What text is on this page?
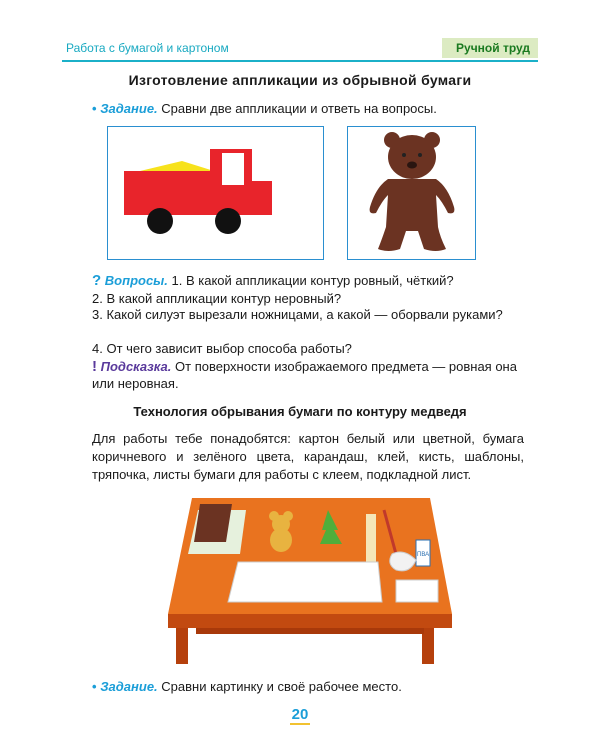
Работа с бумагой и картоном	Ручной труд
Изготовление аппликации из обрывной бумаги
• Задание. Сравни две аппликации и ответь на вопросы.
? Вопросы. 1. В какой аппликации контур ровный, чёткий?
2. В какой аппликации контур неровный?
3. Какой силуэт вырезали ножницами, а какой — оборвали руками?
4. От чего зависит выбор способа работы?
! Подсказка. От поверхности изображаемого предмета — ровная она или неровная.
Технология обрывания бумаги по контуру медведя
Для работы тебе понадобятся: картон белый или цветной, бумага коричневого и зелёного цвета, карандаш, клей, кисть, шаблоны, тряпочка, листы бумаги для работы с клеем, подкладной лист.
ПВА
• Задание. Сравни картинку и своё рабочее место.
20
